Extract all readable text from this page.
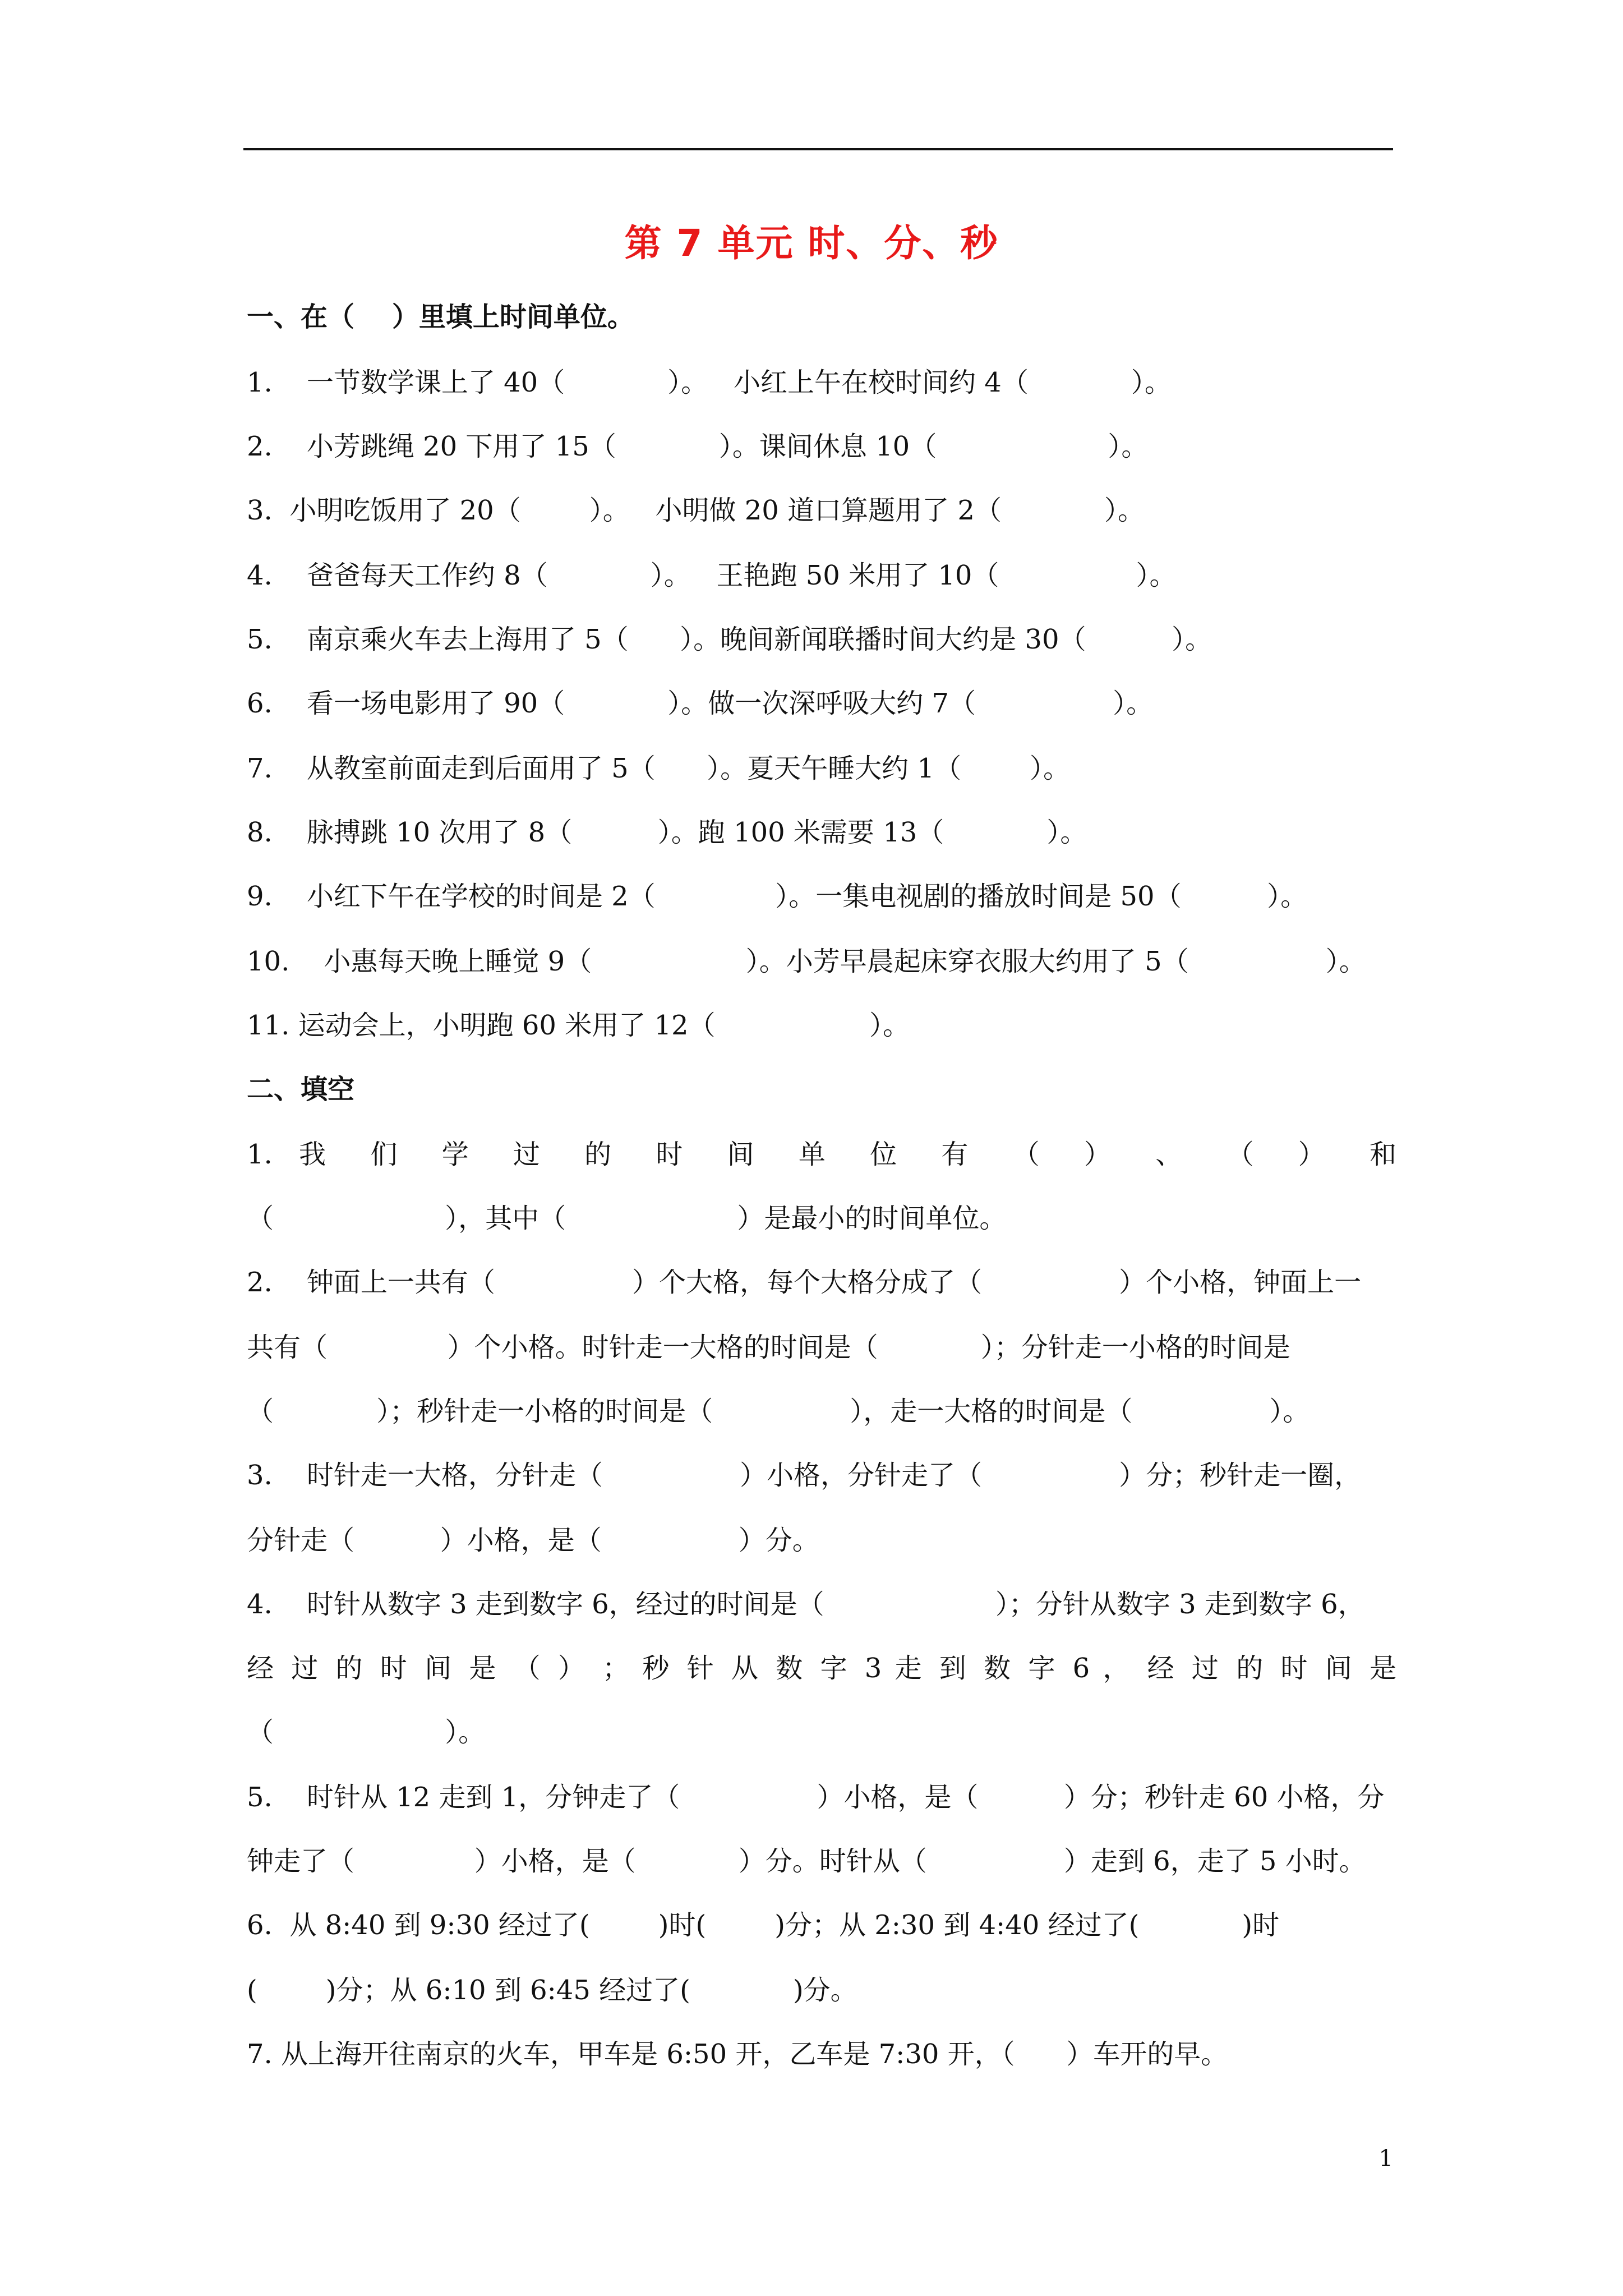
第 7 单元 时、分、秒
一、在（    ）里填上时间单位。
1.    一节数学课上了 40（            ）。   小红上午在校时间约 4（            ）。
2.    小芳跳绳 20 下用了 15（            ）。课间休息 10（                    ）。
3.  小明吃饭用了 20（        ）。   小明做 20 道口算题用了 2（            ）。
4.    爸爸每天工作约 8（            ）。   王艳跑 50 米用了 10（                ）。
5.    南京乘火车去上海用了 5（      ）。晚间新闻联播时间大约是 30（          ）。
6.    看一场电影用了 90（            ）。做一次深呼吸大约 7（                ）。
7.    从教室前面走到后面用了 5（      ）。夏天午睡大约 1（        ）。
8.    脉搏跳 10 次用了 8（          ）。跑 100 米需要 13（            ）。
9.    小红下午在学校的时间是 2（              ）。一集电视剧的播放时间是 50（          ）。
10.    小惠每天晚上睡觉 9（                  ）。小芳早晨起床穿衣服大约用了 5（                ）。
11. 运动会上，小明跑 60 米用了 12（                  ）。
二、填空
1. 我 们 学 过 的 时 间 单 位 有 （ ） 、 （ ） 和
（                    ），其中（                    ）是最小的时间单位。
2.    钟面上一共有（                ）个大格，每个大格分成了（                ）个小格，钟面上一
共有（              ）个小格。时针走一大格的时间是（            ）；分针走一小格的时间是
（            ）；秒针走一小格的时间是（                ），走一大格的时间是（                ）。
3.    时针走一大格，分针走（                ）小格，分针走了（                ）分；秒针走一圈，
分针走（          ）小格，是（                ）分。
4.    时针从数字 3 走到数字 6，经过的时间是（                    ）；分针从数字 3 走到数字 6，
经 过 的 时 间 是 （ ） ； 秒 针 从 数 字 3 走 到 数 字 6 ， 经 过 的 时 间 是
（                    ）。
5.    时针从 12 走到 1，分钟走了（                ）小格，是（          ）分；秒针走 60 小格，分
钟走了（              ）小格，是（            ）分。时针从（                ）走到 6，走了 5 小时。
6.  从 8:40 到 9:30 经过了(        )时(        )分；从 2:30 到 4:40 经过了(            )时
(        )分；从 6:10 到 6:45 经过了(            )分。
7. 从上海开往南京的火车，甲车是 6:50 开，乙车是 7:30 开，（      ）车开的早。
1
